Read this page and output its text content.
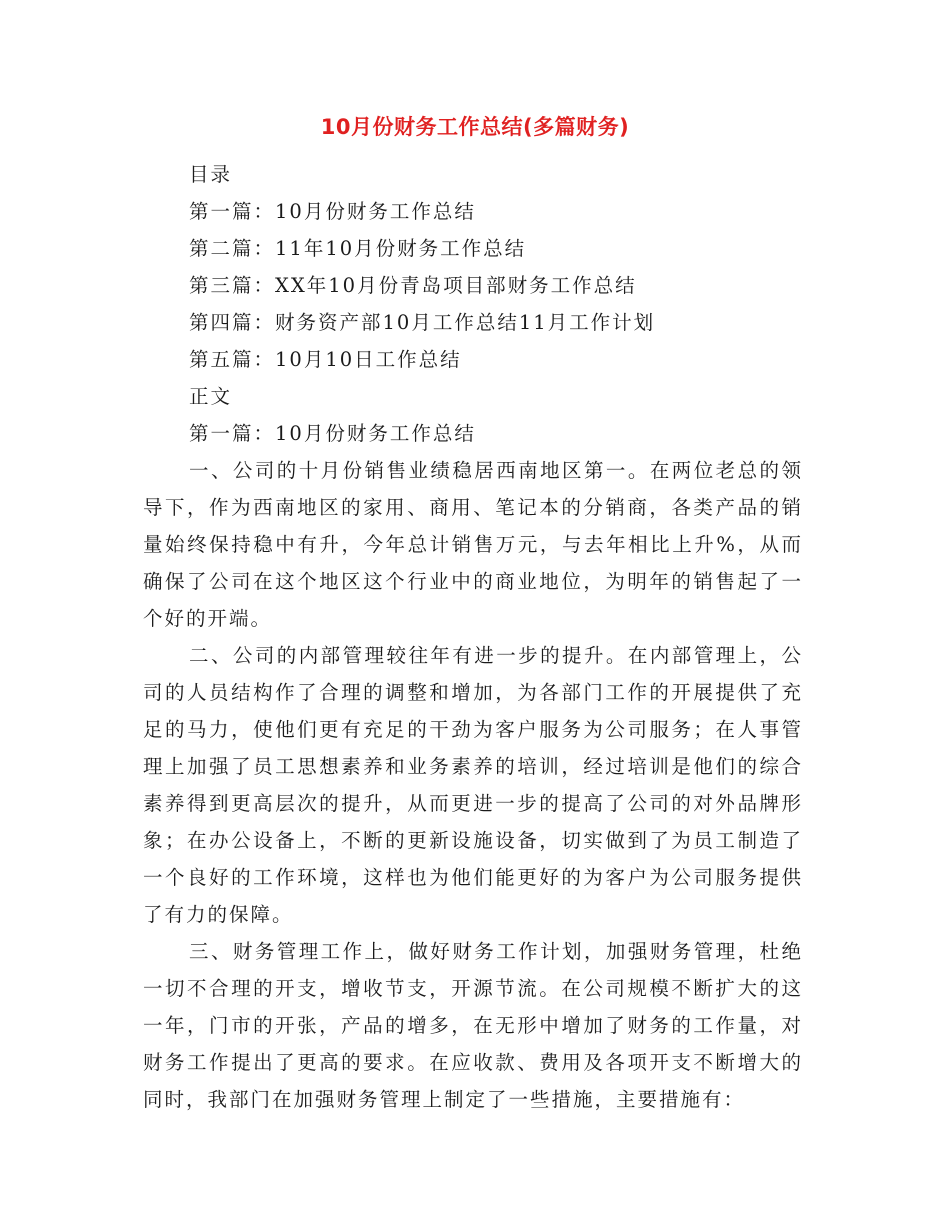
10月份财务工作总结(多篇财务)

目录

第一篇：10月份财务工作总结

第二篇：11年10月份财务工作总结

第三篇：XX年10月份青岛项目部财务工作总结

第四篇：财务资产部10月工作总结11月工作计划

第五篇：10月10日工作总结

正文

第一篇：10月份财务工作总结

一、公司的十月份销售业绩稳居西南地区第一。在两位老总的领导下，作为西南地区的家用、商用、笔记本的分销商，各类产品的销量始终保持稳中有升，今年总计销售万元，与去年相比上升%，从而确保了公司在这个地区这个行业中的商业地位，为明年的销售起了一个好的开端。

二、公司的内部管理较往年有进一步的提升。在内部管理上，公司的人员结构作了合理的调整和增加，为各部门工作的开展提供了充足的马力，使他们更有充足的干劲为客户服务为公司服务；在人事管理上加强了员工思想素养和业务素养的培训，经过培训是他们的综合素养得到更高层次的提升，从而更进一步的提高了公司的对外品牌形象；在办公设备上，不断的更新设施设备，切实做到了为员工制造了一个良好的工作环境，这样也为他们能更好的为客户为公司服务提供了有力的保障。

三、财务管理工作上，做好财务工作计划，加强财务管理，杜绝一切不合理的开支，增收节支，开源节流。在公司规模不断扩大的这一年，门市的开张，产品的增多，在无形中增加了财务的工作量，对财务工作提出了更高的要求。在应收款、费用及各项开支不断增大的同时，我部门在加强财务管理上制定了一些措施，主要措施有：
